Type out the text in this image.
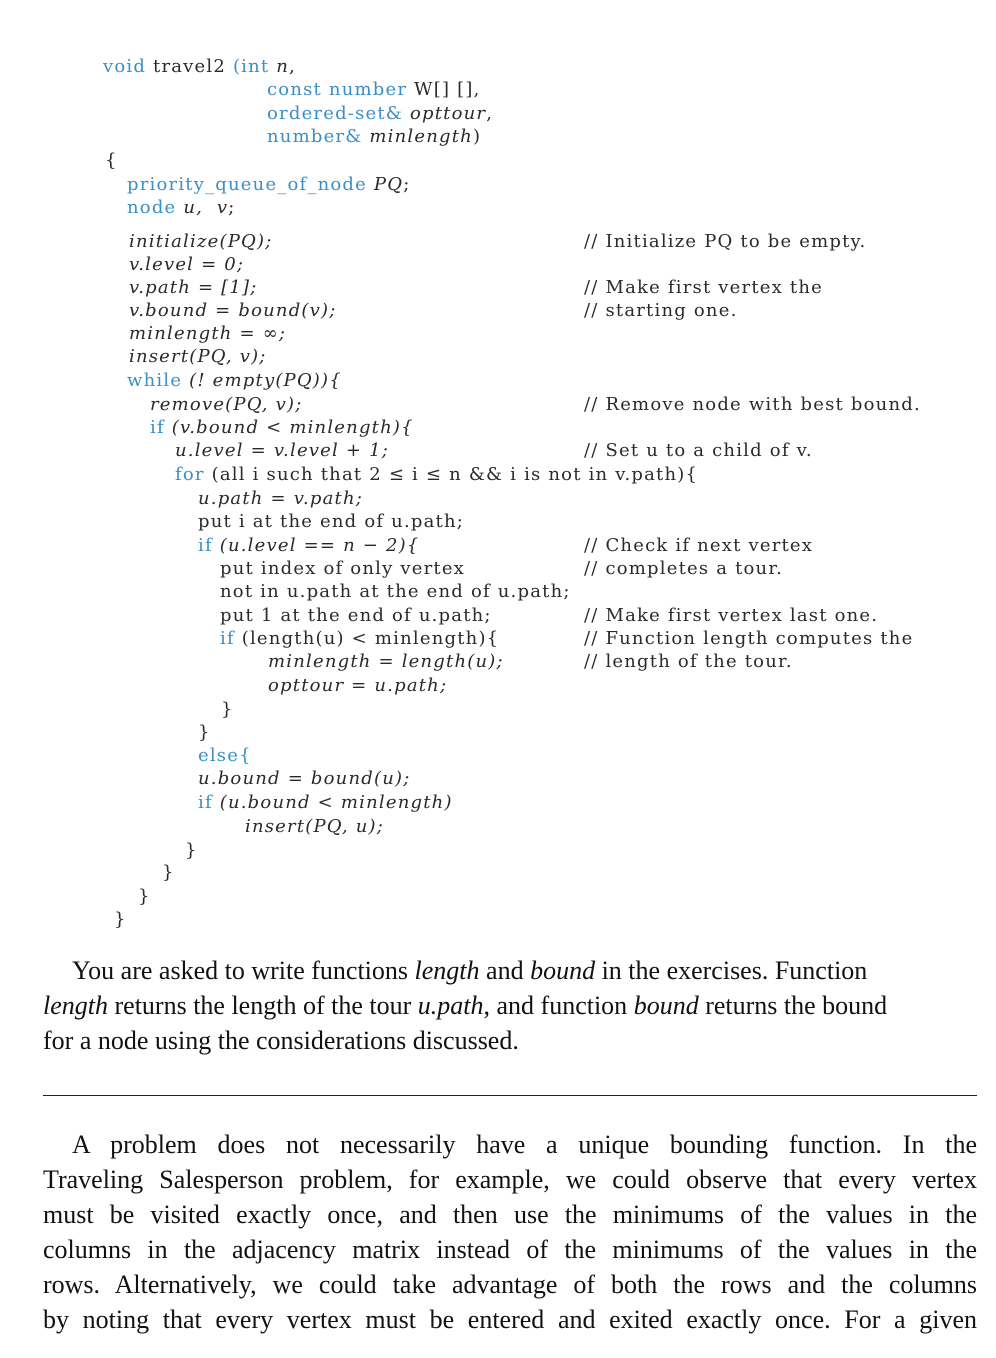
void travel2 (int n,
const number W[] [],
ordered-set& opttour,
number& minlength)
{
priority_queue_of_node PQ;
node u,  v;
initialize(PQ);
v.level = 0;
v.path = [1];
v.bound = bound(v);
minlength = ∞;
insert(PQ, v);
while (! empty(PQ)){
remove(PQ, v);
if (v.bound < minlength){
u.level = v.level + 1;
for (all i such that 2 ≤ i ≤ n && i is not in v.path){
u.path = v.path;
put i at the end of u.path;
if (u.level == n − 2){
put index of only vertex
not in u.path at the end of u.path;
put 1 at the end of u.path;
if (length(u) < minlength){
minlength = length(u);
opttour = u.path;
}
}
else{
u.bound = bound(u);
if (u.bound < minlength)
insert(PQ, u);
}
}
}
}
// Initialize PQ to be empty.
// Make first vertex the
// starting one.
// Remove node with best bound.
// Set u to a child of v.
// Check if next vertex
// completes a tour.
// Make first vertex last one.
// Function length computes the
// length of the tour.

You are asked to write functions length and bound in the exercises. Function

length returns the length of the tour u.path, and function bound returns the bound
for a node using the considerations discussed.
A problem does not necessarily have a unique bounding function. In the
Traveling Salesperson problem, for example, we could observe that every vertex
must be visited exactly once, and then use the minimums of the values in the
columns in the adjacency matrix instead of the minimums of the values in the
rows. Alternatively, we could take advantage of both the rows and the columns
by noting that every vertex must be entered and exited exactly once. For a given
